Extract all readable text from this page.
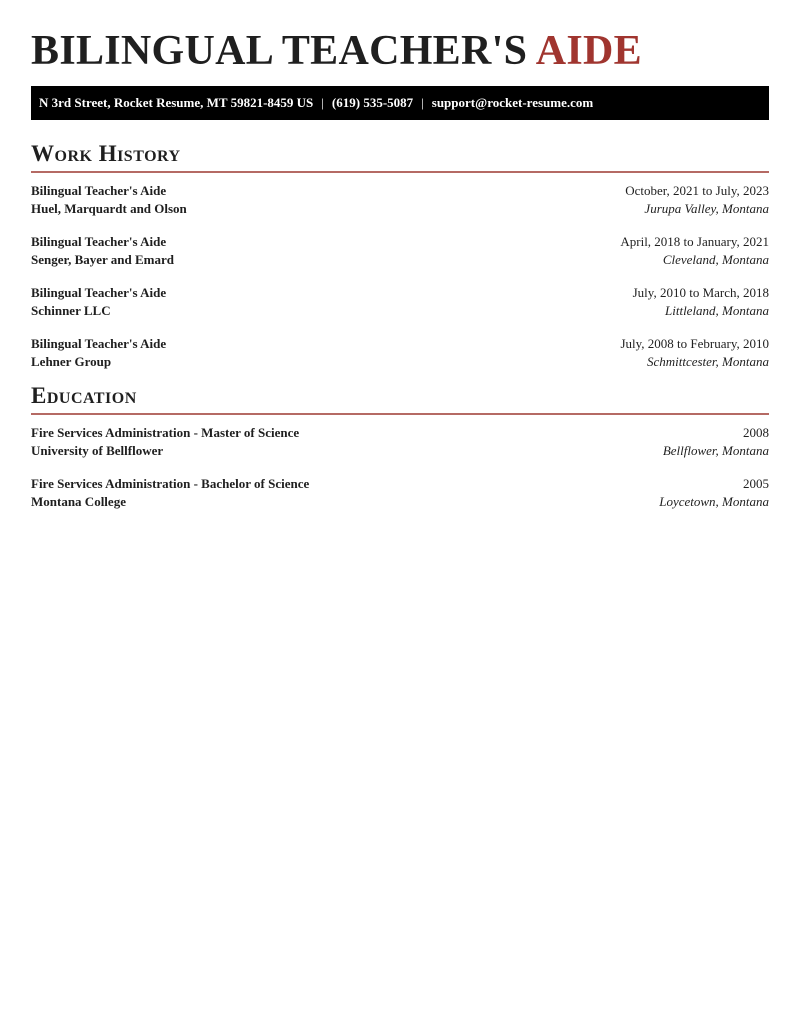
BILINGUAL TEACHER'S AIDE
N 3rd Street, Rocket Resume, MT 59821-8459 US | (619) 535-5087 | support@rocket-resume.com
Work History
Bilingual Teacher's Aide	October, 2021 to July, 2023
Huel, Marquardt and Olson	Jurupa Valley, Montana
Bilingual Teacher's Aide	April, 2018 to January, 2021
Senger, Bayer and Emard	Cleveland, Montana
Bilingual Teacher's Aide	July, 2010 to March, 2018
Schinner LLC	Littleland, Montana
Bilingual Teacher's Aide	July, 2008 to February, 2010
Lehner Group	Schmittcester, Montana
Education
Fire Services Administration - Master of Science	2008
University of Bellflower	Bellflower, Montana
Fire Services Administration - Bachelor of Science	2005
Montana College	Loycetown, Montana
